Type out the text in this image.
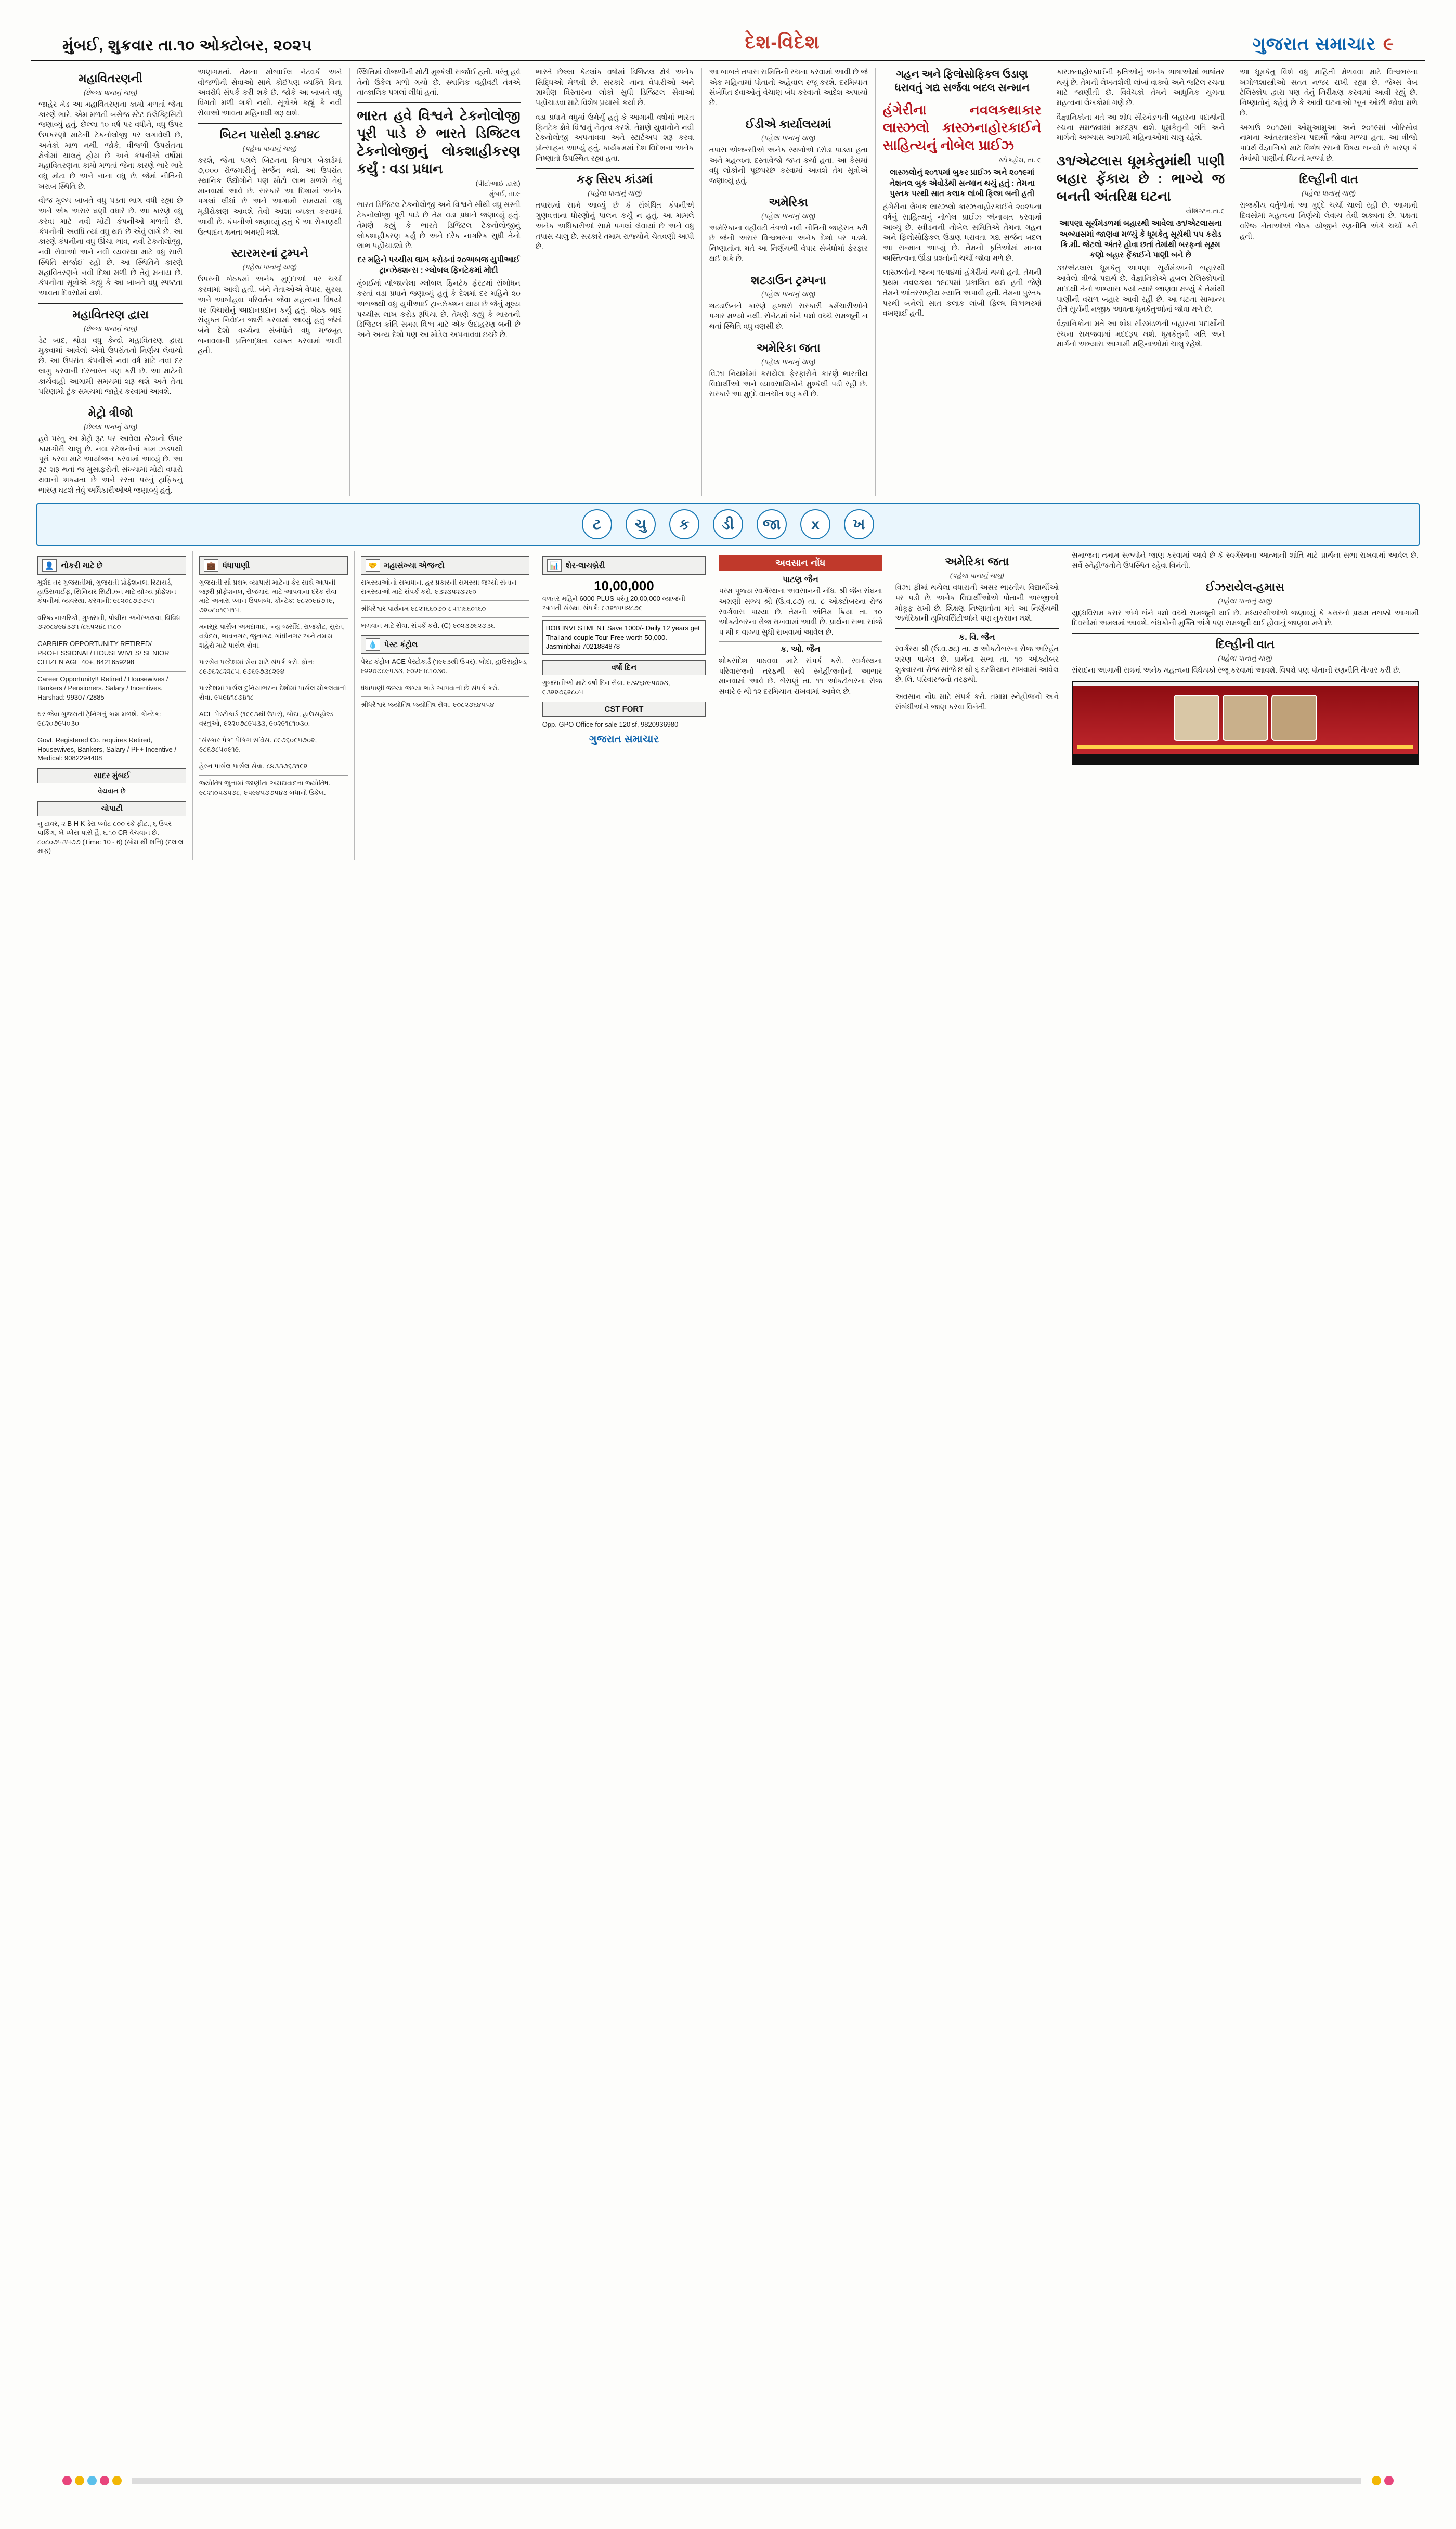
મુંબઈ, શુક્રવાર તા.૧૦ ઓક્ટોબર, ૨૦૨૫	દેશ-વિદેશ	ગુજરાત સમાચાર ૯
મહાવિતરણની
(છેલ્લા પાનાનું ચાલુ)
જાહેર મેડ આ મહાવિતરણના કામો મળતાં જેના કારણે ભારે, એમ મળતી બસેજ સ્ટેટ ઈલેક્ટ્રિસિટી જણાવ્યું હતું. છેલ્લા ૧૦ વર્ષ પર વધીને, વધુ ઉપર ઉપકરણો માટેની ટેકનોલોજી પર લગાવેલી છે, અનેકો માળ નથી. જોકે, વીજળી ઉપરાંતના ક્ષેત્રોમાં ચાલતું હોય છે અને કંપનીએ વર્ષોમાં મહાવિતરણના કામો મળતાં જેના કારણે ભારે ભારે વધુ મોટા છે અને નાના વધુ છે, જેમાં નીતિની ખરાબ સ્થિતિ છે.
વીજ મુલ્ય બાબતે વધુ પડતા ભાગ વધી રહ્યા છે અને એક અસર ઘણી વધારે છે. આ કારણે વધુ કરવા માટે નવી મોટી કંપનીઓ મળતી છે. કંપનીની અવધિ ત્યાં વધુ થઈ છે એવું લાગે છે. આ કારણે કંપનીના વધુ ઊંચા ભાવ, નવી ટેકનોલોજી, નવી સેવાઓ અને નવી વ્યવસ્થા માટે વધુ સારી સ્થિતિ સર્જાઈ રહી છે. આ સ્થિતિને કારણે મહાવિતરણને નવી દિશા મળી છે તેવું મનાય છે. કંપનીના સૂત્રોએ કહ્યું કે આ બાબતે વધુ સ્પષ્ટતા આવતા દિવસોમાં થશે.
મહાવિતરણ દ્વારા
(છેલ્લા પાનાનું ચાલુ)
ડેટ બાદ, થોડા વધુ કેન્દ્રો મહાવિતરણ દ્વારા મુકવામાં આવેલો એવો ઉપરાંતનો નિર્ણય લેવાયો છે. આ ઉપરાંત કંપનીએ નવા વર્ષ માટે નવા દર લાગુ કરવાની દરખાસ્ત પણ કરી છે. આ માટેની કાર્યવાહી આગામી સમયમાં શરૂ થશે અને તેના પરિણામો ટૂંક સમયમાં જાહેર કરવામાં આવશે.
મેટ્રો ત્રીજો
(છેલ્લા પાનાનું ચાલુ)
હવે પરંતુ આ મેટ્રો રૂટ પર આવેલા સ્ટેશનો ઉપર કામગીરી ચાલુ છે. નવા સ્ટેશનોનાં કામ ઝડપથી પૂરાં કરવા માટે આયોજન કરવામાં આવ્યું છે. આ રૂટ શરૂ થતાં જ મુસાફરોની સંખ્યામાં મોટો વધારો થવાની શક્યતા છે અને રસ્તા પરનું ટ્રાફિકનું ભારણ ઘટશે તેવું અધિકારીઓએ જણાવ્યું હતું.
અણગમતાં. તેમના મોબાઈલ નેટવર્ક અને વીજળીની સેવાઓ સાથે કોઈપણ વ્યક્તિ વિના અવરોધે સંપર્ક કરી શકે છે. જોકે આ બાબતે વધુ વિગતો મળી શકી નથી. સૂત્રોએ કહ્યું કે નવી સેવાઓ આવતા મહિનાથી શરૂ થશે.
બિટન પાસેથી રૂ.૪૧૪૮
(પહેલા પાનાનું ચાલુ)
કરશે, જેના પગલે બિટનના વિભાગ બેકાર્ડમાં ૭,૦૦૦ રોજગારીનું સર્જન થશે. આ ઉપરાંત સ્થાનિક ઉદ્યોગોને પણ મોટો લાભ મળશે તેવું માનવામાં આવે છે. સરકારે આ દિશામાં અનેક પગલાં લીધાં છે અને આગામી સમયમાં વધુ મૂડીરોકાણ આવશે તેવી આશા વ્યક્ત કરવામાં આવી છે. કંપનીએ જણાવ્યું હતું કે આ રોકાણથી ઉત્પાદન ક્ષમતા બમણી થશે.
સ્ટારમરનાં ટ્રમ્પને
(પહેલા પાનાનું ચાલુ)
ઉપરની બેઠકમાં અનેક મુદ્દાઓ પર ચર્ચા કરવામાં આવી હતી. બંને નેતાઓએ વેપાર, સુરક્ષા અને આબોહવા પરિવર્તન જેવા મહત્વના વિષયો પર વિચારોનું આદાનપ્રદાન કર્યું હતું. બેઠક બાદ સંયુક્ત નિવેદન જારી કરવામાં આવ્યું હતું જેમાં બંને દેશો વચ્ચેના સંબંધોને વધુ મજબૂત બનાવવાની પ્રતિબદ્ધતા વ્યક્ત કરવામાં આવી હતી.
સ્થિતિમાં વીજળીની મોટી મુશ્કેલી સર્જાઈ હતી. પરંતુ હવે તેનો ઉકેલ મળી ગયો છે. સ્થાનિક વહીવટી તંત્રએ તાત્કાલિક પગલાં લીધાં હતાં.
ભારત હવે વિશ્વને ટેકનોલોજી પૂરી પાડે છે ભારતે ડિજિટલ ટેકનોલોજીનું લોકશાહીકરણ કર્યું : વડા પ્રધાન
(પીટીઆઈ દ્વારા)
મુંબઈ, તા.૯
ભારત ડિજિટલ ટેકનોલોજી અને વિશ્વને સૌથી વધુ સસ્તી ટેકનોલોજી પૂરી પાડે છે તેમ વડા પ્રધાને જણાવ્યું હતું. તેમણે કહ્યું કે ભારતે ડિજિટલ ટેકનોલોજીનું લોકશાહીકરણ કર્યું છે અને દરેક નાગરિક સુધી તેનો લાભ પહોંચાડ્યો છે.
દર મહિને પચ્ચીસ લાખ કરોડનાં ૨૦અબજ યુપીઆઈ ટ્રાન્ઝેક્શન્સ : ગ્લોબલ ફિનટેકમાં મોદી
મુંબઈમાં યોજાયેલા ગ્લોબલ ફિનટેક ફેસ્ટમાં સંબોધન કરતાં વડા પ્રધાને જણાવ્યું હતું કે દેશમાં દર મહિને ૨૦ અબજથી વધુ યુપીઆઈ ટ્રાન્ઝેક્શન થાય છે જેનું મૂલ્ય પચ્ચીસ લાખ કરોડ રૂપિયા છે. તેમણે કહ્યું કે ભારતની ડિજિટલ ક્રાંતિ સમગ્ર વિશ્વ માટે એક ઉદાહરણ બની છે અને અન્ય દેશો પણ આ મોડેલ અપનાવવા ઇચ્છે છે.
ભારતે છેલ્લા કેટલાંક વર્ષોમાં ડિજિટલ ક્ષેત્રે અનેક સિદ્ધિઓ મેળવી છે. સરકારે નાના વેપારીઓ અને ગ્રામીણ વિસ્તારના લોકો સુધી ડિજિટલ સેવાઓ પહોંચાડવા માટે વિશેષ પ્રયાસો કર્યા છે.
વડા પ્રધાને વધુમાં ઉમેર્યું હતું કે આગામી વર્ષોમાં ભારત ફિનટેક ક્ષેત્રે વિશ્વનું નેતૃત્વ કરશે. તેમણે યુવાનોને નવી ટેકનોલોજી અપનાવવા અને સ્ટાર્ટઅપ શરૂ કરવા પ્રોત્સાહન આપ્યું હતું. કાર્યક્રમમાં દેશ વિદેશના અનેક નિષ્ણાતો ઉપસ્થિત રહ્યા હતા.
કફ સિરપ કાંડમાં
(પહેલા પાનાનું ચાલુ)
તપાસમાં સામે આવ્યું છે કે સંબંધિત કંપનીએ ગુણવત્તાના ધોરણોનું પાલન કર્યું ન હતું. આ મામલે અનેક અધિકારીઓ સામે પગલાં લેવાયાં છે અને વધુ તપાસ ચાલુ છે. સરકારે તમામ રાજ્યોને ચેતવણી આપી છે.
આ બાબતે તપાસ સમિતિની રચના કરવામાં આવી છે જે એક મહિનામાં પોતાનો અહેવાલ રજૂ કરશે. દરમિયાન સંબંધિત દવાઓનું વેચાણ બંધ કરવાનો આદેશ અપાયો છે.
ઈડીએ કાર્યાલયમાં
(પહેલા પાનાનું ચાલુ)
તપાસ એજન્સીએ અનેક સ્થળોએ દરોડા પાડ્યા હતા અને મહત્વના દસ્તાવેજો જપ્ત કર્યા હતા. આ કેસમાં વધુ લોકોની પૂછપરછ કરવામાં આવશે તેમ સૂત્રોએ જણાવ્યું હતું.
અમેરિકા
(પહેલા પાનાનું ચાલુ)
અમેરિકાના વહીવટી તંત્રએ નવી નીતિની જાહેરાત કરી છે જેની અસર વિશ્વભરના અનેક દેશો પર પડશે. નિષ્ણાતોના મતે આ નિર્ણયથી વેપાર સંબંધોમાં ફેરફાર થઈ શકે છે.
શટડાઉન ટ્રમ્પના
(પહેલા પાનાનું ચાલુ)
શટડાઉનને કારણે હજારો સરકારી કર્મચારીઓને પગાર મળ્યો નથી. સેનેટમાં બંને પક્ષો વચ્ચે સમજૂતી ન થતાં સ્થિતિ વધુ વણસી છે.
અમેરિકા જતા
(પહેલા પાનાનું ચાલુ)
વિઝા નિયમોમાં કરાયેલા ફેરફારોને કારણે ભારતીય વિદ્યાર્થીઓ અને વ્યાવસાયિકોને મુશ્કેલી પડી રહી છે. સરકારે આ મુદ્દે વાતચીત શરૂ કરી છે.
ગહન અને ફિલોસોફિકલ ઉડાણ ધરાવતું ગદ્ય સર્જવા બદલ સન્માન
હંગેરીના નવલકથાકાર લાસ્ઝલો કાસ્ઝનાહોરકાઈને સાહિત્યનું નોબેલ પ્રાઈઝ
સ્ટોકહોમ, તા. ૯
લાસ્ઝલોનું ૨૦૧૫માં બુકર પ્રાઈઝ અને ૨૦૧૯માં નેશનલ બુક એવોર્ડથી સન્માન થયું હતું : તેમના પુસ્તક પરથી સાત કલાક લાંબી ફિલ્મ બની હતી
હંગેરીના લેખક લાસ્ઝલો કાસ્ઝનાહોરકાઈને ૨૦૨૫ના વર્ષનું સાહિત્યનું નોબેલ પ્રાઈઝ એનાયત કરવામાં આવ્યું છે. સ્વીડનની નોબેલ સમિતિએ તેમના ગહન અને ફિલોસોફિકલ ઉડાણ ધરાવતા ગદ્ય સર્જન બદલ આ સન્માન આપ્યું છે. તેમની કૃતિઓમાં માનવ અસ્તિત્વના ઊંડા પ્રશ્નોની ચર્ચા જોવા મળે છે.
લાસ્ઝલોનો જન્મ ૧૯૫૪માં હંગેરીમાં થયો હતો. તેમની પ્રથમ નવલકથા ૧૯૮૫માં પ્રકાશિત થઈ હતી જેણે તેમને આંતરરાષ્ટ્રીય ખ્યાતિ અપાવી હતી. તેમના પુસ્તક પરથી બનેલી સાત કલાક લાંબી ફિલ્મ વિશ્વભરમાં વખણાઈ હતી.
કાસ્ઝનાહોરકાઈની કૃતિઓનું અનેક ભાષાઓમાં ભાષાંતર થયું છે. તેમની લેખનશૈલી લાંબાં વાક્યો અને જટિલ રચના માટે જાણીતી છે. વિવેચકો તેમને આધુનિક યુગના મહત્વના લેખકોમાં ગણે છે.
વૈજ્ઞાનિકોના મતે આ શોધ સૌરમંડળની બહારના પદાર્થોની રચના સમજવામાં મદદરૂપ થશે. ધૂમકેતુની ગતિ અને માર્ગનો અભ્યાસ આગામી મહિનાઓમાં ચાલુ રહેશે.
૩૧/એટલાસ ધૂમકેતુમાંથી પાણી બહાર ફેંકાય છે : ભાગ્યે જ બનતી અંતરિક્ષ ઘટના
વોશિંગ્ટન,તા.૯
આપણા સૂર્યમંડળમાં બહારથી આવેલા ૩૧/એટલાસના અભ્યાસમાં જાણવા મળ્યું કે ધૂમકેતુ સૂર્યથી ૫૫ કરોડ કિ.મી. જેટલો અંતરે હોવા છતાં તેમાંથી બરફનાં સૂક્ષ્મ કણો બહાર ફેંકાઈને પાણી બને છે
૩૧/એટલાસ ધૂમકેતુ આપણા સૂર્યમંડળની બહારથી આવેલો ત્રીજો પદાર્થ છે. વૈજ્ઞાનિકોએ હબલ ટેલિસ્કોપની મદદથી તેનો અભ્યાસ કર્યો ત્યારે જાણવા મળ્યું કે તેમાંથી પાણીની વરાળ બહાર આવી રહી છે. આ ઘટના સામાન્ય રીતે સૂર્યની નજીક આવતા ધૂમકેતુઓમાં જોવા મળે છે.
વૈજ્ઞાનિકોના મતે આ શોધ સૌરમંડળની બહારના પદાર્થોની રચના સમજવામાં મદદરૂપ થશે. ધૂમકેતુની ગતિ અને માર્ગનો અભ્યાસ આગામી મહિનાઓમાં ચાલુ રહેશે.
આ ધૂમકેતુ વિશે વધુ માહિતી મેળવવા માટે વિશ્વભરના ખગોળશાસ્ત્રીઓ સતત નજર રાખી રહ્યા છે. જેમ્સ વેબ ટેલિસ્કોપ દ્વારા પણ તેનું નિરીક્ષણ કરવામાં આવી રહ્યું છે. નિષ્ણાતોનું કહેવું છે કે આવી ઘટનાઓ ખૂબ ઓછી જોવા મળે છે.
અગાઉ ૨૦૧૭માં ઓમુઆમુઆ અને ૨૦૧૯માં બોરિસોવ નામના આંતરતારકીય પદાર્થો જોવા મળ્યા હતા. આ ત્રીજો પદાર્થ વૈજ્ઞાનિકો માટે વિશેષ રસનો વિષય બન્યો છે કારણ કે તેમાંથી પાણીનાં ચિહ્નો મળ્યાં છે.
દિલ્હીની વાત
(પહેલા પાનાનું ચાલુ)
રાજકીય વર્તુળોમાં આ મુદ્દે ચર્ચા ચાલી રહી છે. આગામી દિવસોમાં મહત્વના નિર્ણયો લેવાય તેવી શક્યતા છે. પક્ષના વરિષ્ઠ નેતાઓએ બેઠક યોજીને રણનીતિ અંગે ચર્ચા કરી હતી.
ટ	ચુ	ક	ડી	જા	x	ખ
👤 નોકરી માટે છે
મુર્શદ તર ગુજરાતીમાં, ગુજરાતી પ્રોફેશનલ, રિટાયર્ડ, હાઉસવાઈફ, સિનિયર સિટીઝન માટે યોગ્ય પ્રોફેશન કંપનીમાં વ્યવસ્થા. કરવાની: ૯૮૨૦૮૭૭૭૫૧
વરિષ્ઠ નાગરિકો, ગુજરાતી, પોલીસ અને/અથવા, વિવિધ ૭૨૦૮૪૯૪૩૭૧ /૮૬૫૨૪૮૧૧૮૦
CARRIER OPPORTUNITY RETIRED/ PROFESSIONAL/ HOUSEWIVES/ SENIOR CITIZEN AGE 40+, 8421659298
Career Opportunity!! Retired / Housewives / Bankers / Pensioners. Salary / Incentives. Harshad: 9930772885
ઘર જેવા ગુજરાતી ટ્રેનિંગનું કામ મળશે. કોન્ટેક: ૯૮૨૦૭૯૫૦૩૦
Govt. Registered Co. requires Retired, Housewives, Bankers, Salary / PF+ Incentive / Medical: 9082294408
સાદર મુંબઈ
વેચવાન છે
ચોપાટી
નુ ટાવર, ૨ B H K ડેરા પ્લોટ ૮૦૦ સ્કે ફીટ., ૬ ઉપર પાર્કિંગ, બે પ્લેસ પાસે હૈ, ૬.૧૦ CR વેચવાન છે. ૮૦૮૦૭૫૩૫૭૭ (Time: 10~ 6) (સોમ થી શનિ) (દલાલ માફ)
💼 ધંધાપાણી
ગુજરાતી સૌ પ્રથમ વ્યાપારી માટેના કેર સાથે આપની જરૂરી પ્રોફેશનલ, રોજગાર, માટે આપવાના દરેક સેવા માટે અમારા પ્લાન ઉપલબ્ધ. કોન્ટેક: ૯૮૨૦૯૪૭૧૯, ૭૨૦૮૦૧૯૫૧૫.
મનસૂર પાર્સલ અમદાવાદ, -ન્યુ-જર્સીદ, રાજકોટ, સુરત, વડોદરા, ભાવનગર, જુનાગઢ, ગાંધીનગર અને તમામ શહેરો માટે પાર્સલ સેવા.
પારસેવ પરદેશમાં સેવા માટે સંપર્ક કરો. ફોન: ૮૯૭૬૨૮૨૨૮૫, ૯૭૬૯૭૩૮૨૯૪
પારદેશમાં પાર્સલ દુનિયાભરના દેશોમાં પાર્સલ મોકલવાની સેવા. ૯૫૯૪૧૮૭૪૧૮
ACE પેસ્ટોકાર્ડ (૧૯૯૩થી ઉપર), બોદા, હાઉસહોલ્ડ વસ્તુઓ, ૯૨૨૦૭૮૯૫૩૩, ૯૦૨૯૧૮૧૦૩૦.
"સંસ્કાર પેક" પેકિંગ સર્વિસ. ૮૯૭૬૦૯૫૭૦૨, ૯૮૬૭૮૫૦૯૧૯.
હેરન પાર્સલ પાર્સલ સેવા. ૮૪૩૩૭૬૩૧૯૨
જ્યોતિષ જુનામાં જાણીતા અમદાવાદના જ્યોતિષ. ૯૮૨૧૦૫૩૫૭૮, ૯૫૯૪૫૭૭૫૪૩ બધાનો ઉકેલ.
🤝 મહાસંખ્યા એજન્ટો
સમસ્યાઓનો સમાધાન. હર પ્રકારની સમસ્યા જગ્યો સંતાન સમસ્યાઓ માટે સંપર્ક કરો. ૯૩૨૩૫૨૩૨૯૦
શ્રીધરેશ્વર પાર્થનમ ૯૮૨૧૬૬૦૭૦-૮૫૧૧૬૬૦૧૬૦
ભગવાન માટે સેવા. સંપર્ક કરો. (C) ૯૦૨૩૭૬૨૭૩૬
💧 પેસ્ટ કંટ્રોલ
પેસ્ટ કંટ્રોલ ACE પેસ્ટોકાર્ડ (૧૯૯૩થી ઉપર), બોદા, હાઉસહોલ્ડ, ૯૨૨૦૭૮૯૫૩૩, ૯૦૨૯૧૮૧૦૩૦.
ધંધાપાણી જગ્યા જગ્યા ભાડે આપવાની છે સંપર્ક કરો.
શ્રીધરેશ્વર જ્યોતિષ જ્યોતિષ સેવા. ૯૦૮૨૭૬૪૫૫૪
📊 શેર-લાયબ્રેરી
10,00,000
વળતર મહિને 6000 PLUS પરંતુ 20,00,000 વ્યાજની આપતી સંસ્થા. સંપર્ક: ૯૩૨૧૫૫૪૮૭૯
BOB INVESTMENT Save 1000/- Daily 12 years get Thailand couple Tour Free worth 50,000. Jasminbhai-7021884878
વર્ષો દિન
ગુજરાતીઓ માટે વર્ષો દિન સેવા. ૯૩૨૬૪૯૫૦૦૩, ૯૩૨૨૭૬૨૮૦૫
CST FORT
Opp. GPO Office for sale 120'sf, 9820936980
ગુજરાત સમાચાર
અવસાન નોંધ
પાટણ જૈન
પરમ પૂજ્ય સ્વર્ગસ્થના અવસાનની નોંધ. શ્રી જૈન સંઘના અગ્રણી સભ્ય શ્રી (ઉ.વ.૮૭) તા. ૮ ઓક્ટોબરના રોજ સ્વર્ગવાસ પામ્યા છે. તેમની અંતિમ ક્રિયા તા. ૧૦ ઓક્ટોબરના રોજ રાખવામાં આવી છે. પ્રાર્થના સભા સાંજે ૫ થી ૬ વાગ્યા સુધી રાખવામાં આવેલ છે.
ક. ઓ. જૈન
શોકસંદેશ પાઠવવા માટે સંપર્ક કરો. સ્વર્ગસ્થના પરિવારજનો તરફથી સર્વે સ્નેહીજનોનો આભાર માનવામાં આવે છે. બેસણું તા. ૧૧ ઓક્ટોબરના રોજ સવારે ૯ થી ૧૨ દરમિયાન રાખવામાં આવેલ છે.
અમેરિકા જતા
(પહેલા પાનાનું ચાલુ)
વિઝા ફીમાં થયેલા વધારાની અસર ભારતીય વિદ્યાર્થીઓ પર પડી છે. અનેક વિદ્યાર્થીઓએ પોતાની અરજીઓ મોકૂફ રાખી છે. શિક્ષણ નિષ્ણાતોના મતે આ નિર્ણયથી અમેરિકાની યુનિવર્સિટીઓને પણ નુકસાન થશે.
ક. વિ. જૈન
સ્વર્ગસ્થ શ્રી (ઉ.વ.૭૮) તા. ૭ ઓક્ટોબરના રોજ અરિહંત શરણ પામેલ છે. પ્રાર્થના સભા તા. ૧૦ ઓક્ટોબર શુક્રવારના રોજ સાંજે ૪ થી ૬ દરમિયાન રાખવામાં આવેલ છે. લિ. પરિવારજનો તરફથી.
અવસાન નોંધ માટે સંપર્ક કરો. તમામ સ્નેહીજનો અને સંબંધીઓને જાણ કરવા વિનંતી.
સમાજના તમામ સભ્યોને જાણ કરવામાં આવે છે કે સ્વર્ગસ્થના આત્માની શાંતિ માટે પ્રાર્થના સભા રાખવામાં આવેલ છે. સર્વે સ્નેહીજનોને ઉપસ્થિત રહેવા વિનંતી.
ઈઝરાયેલ-હમાસ
(પહેલા પાનાનું ચાલુ)
યુદ્ધવિરામ કરાર અંગે બંને પક્ષો વચ્ચે સમજૂતી થઈ છે. મધ્યસ્થીઓએ જણાવ્યું કે કરારનો પ્રથમ તબક્કો આગામી દિવસોમાં અમલમાં આવશે. બંધકોની મુક્તિ અંગે પણ સમજૂતી થઈ હોવાનું જાણવા મળે છે.
દિલ્હીની વાત
(પહેલા પાનાનું ચાલુ)
સંસદના આગામી સત્રમાં અનેક મહત્વના વિધેયકો રજૂ કરવામાં આવશે. વિપક્ષે પણ પોતાની રણનીતિ તૈયાર કરી છે.
